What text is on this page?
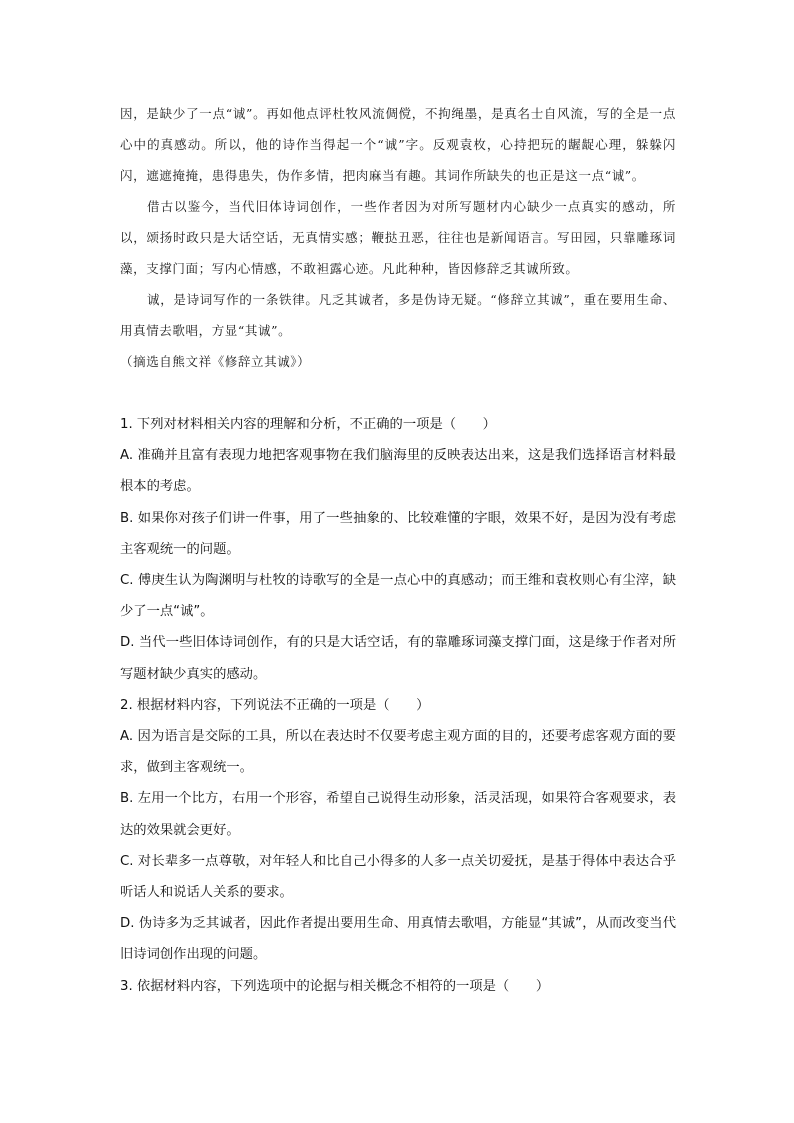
因，是缺少了一点“诚”。再如他点评杜牧风流倜傥，不拘绳墨，是真名士自风流，写的全是一点心中的真感动。所以，他的诗作当得起一个“诚”字。反观袁枚，心持把玩的龌龊心理，躲躲闪闪，遮遮掩掩，患得患失，伪作多情，把肉麻当有趣。其词作所缺失的也正是这一点“诚”。

借古以鉴今，当代旧体诗词创作，一些作者因为对所写题材内心缺少一点真实的感动，所以，颂扬时政只是大话空话，无真情实感；鞭挞丑恶，往往也是新闻语言。写田园，只靠雕琢词藻，支撑门面；写内心情感，不敢袒露心迹。凡此种种，皆因修辞乏其诚所致。

诚，是诗词写作的一条铁律。凡乏其诚者，多是伪诗无疑。“修辞立其诚”，重在要用生命、用真情去歌唱，方显“其诚”。

（摘选自熊文祥《修辞立其诚》）

1. 下列对材料相关内容的理解和分析，不正确的一项是（　　）

A. 准确并且富有表现力地把客观事物在我们脑海里的反映表达出来，这是我们选择语言材料最根本的考虑。

B. 如果你对孩子们讲一件事，用了一些抽象的、比较难懂的字眼，效果不好，是因为没有考虑主客观统一的问题。

C. 傅庚生认为陶渊明与杜牧的诗歌写的全是一点心中的真感动；而王维和袁枚则心有尘滓，缺少了一点“诚”。

D. 当代一些旧体诗词创作，有的只是大话空话，有的靠雕琢词藻支撑门面，这是缘于作者对所写题材缺少真实的感动。

2. 根据材料内容，下列说法不正确的一项是（　　）

A. 因为语言是交际的工具，所以在表达时不仅要考虑主观方面的目的，还要考虑客观方面的要求，做到主客观统一。

B. 左用一个比方，右用一个形容，希望自己说得生动形象，活灵活现，如果符合客观要求，表达的效果就会更好。

C. 对长辈多一点尊敬，对年轻人和比自己小得多的人多一点关切爱抚，是基于得体中表达合乎听话人和说话人关系的要求。

D. 伪诗多为乏其诚者，因此作者提出要用生命、用真情去歌唱，方能显“其诚”，从而改变当代旧诗词创作出现的问题。

3. 依据材料内容，下列选项中的论据与相关概念不相符的一项是（　　）
